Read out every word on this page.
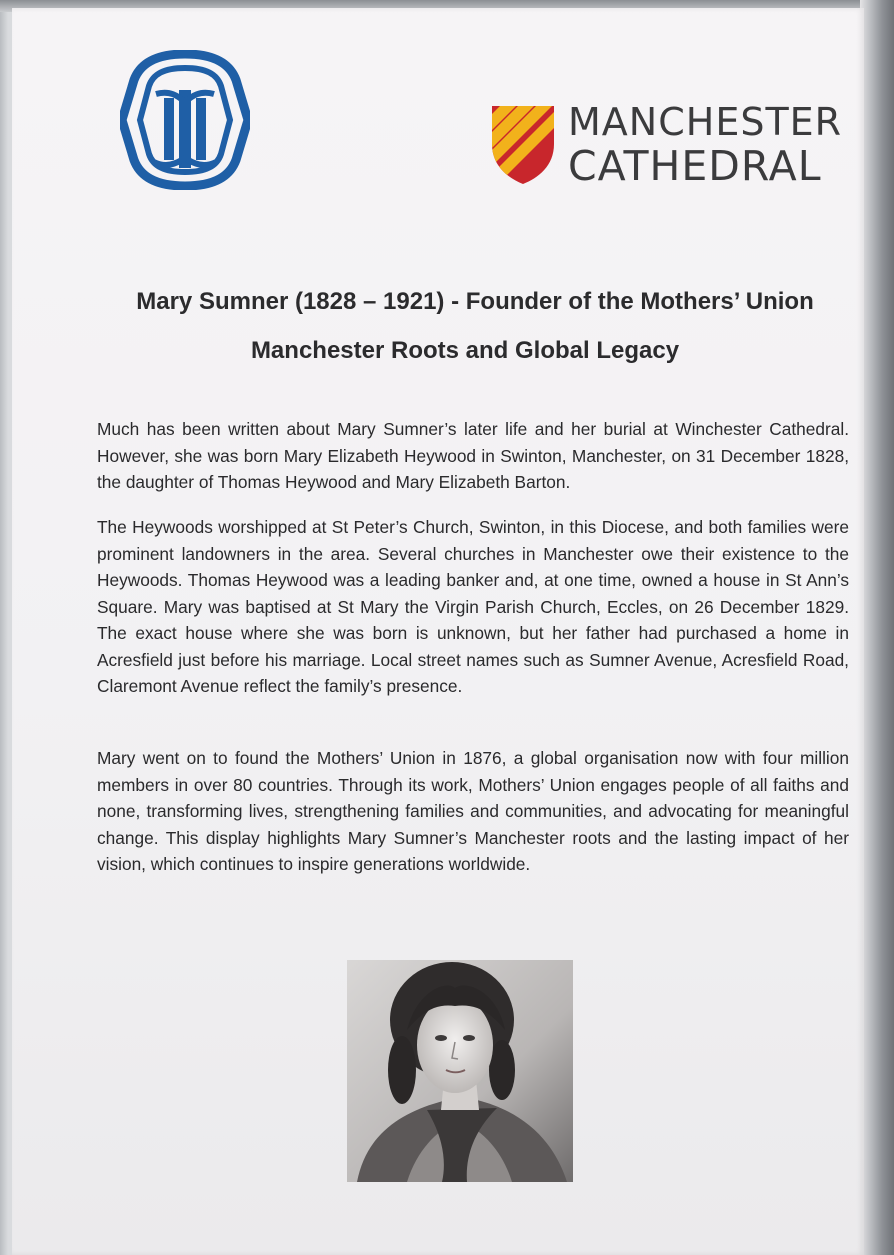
MANCHESTER
CATHEDRAL
Mary Sumner (1828 – 1921) - Founder of the Mothers’ Union
Manchester Roots and Global Legacy

Much has been written about Mary Sumner’s later life and her burial at Winchester Cathedral. However, she was born Mary Elizabeth Heywood in Swinton, Manchester, on 31 December 1828, the daughter of Thomas Heywood and Mary Elizabeth Barton.

The Heywoods worshipped at St Peter’s Church, Swinton, in this Diocese, and both families were prominent landowners in the area. Several churches in Manchester owe their existence to the Heywoods. Thomas Heywood was a leading banker and, at one time, owned a house in St Ann’s Square. Mary was baptised at St Mary the Virgin Parish Church, Eccles, on 26 December 1829. The exact house where she was born is unknown, but her father had purchased a home in Acresfield just before his marriage. Local street names such as Sumner Avenue, Acresfield Road, Claremont Avenue reflect the family’s presence.

Mary went on to found the Mothers’ Union in 1876, a global organisation now with four million members in over 80 countries. Through its work, Mothers’ Union engages people of all faiths and none, transforming lives, strengthening families and communities, and advocating for meaningful change. This display highlights Mary Sumner’s Manchester roots and the lasting impact of her vision, which continues to inspire generations worldwide.
